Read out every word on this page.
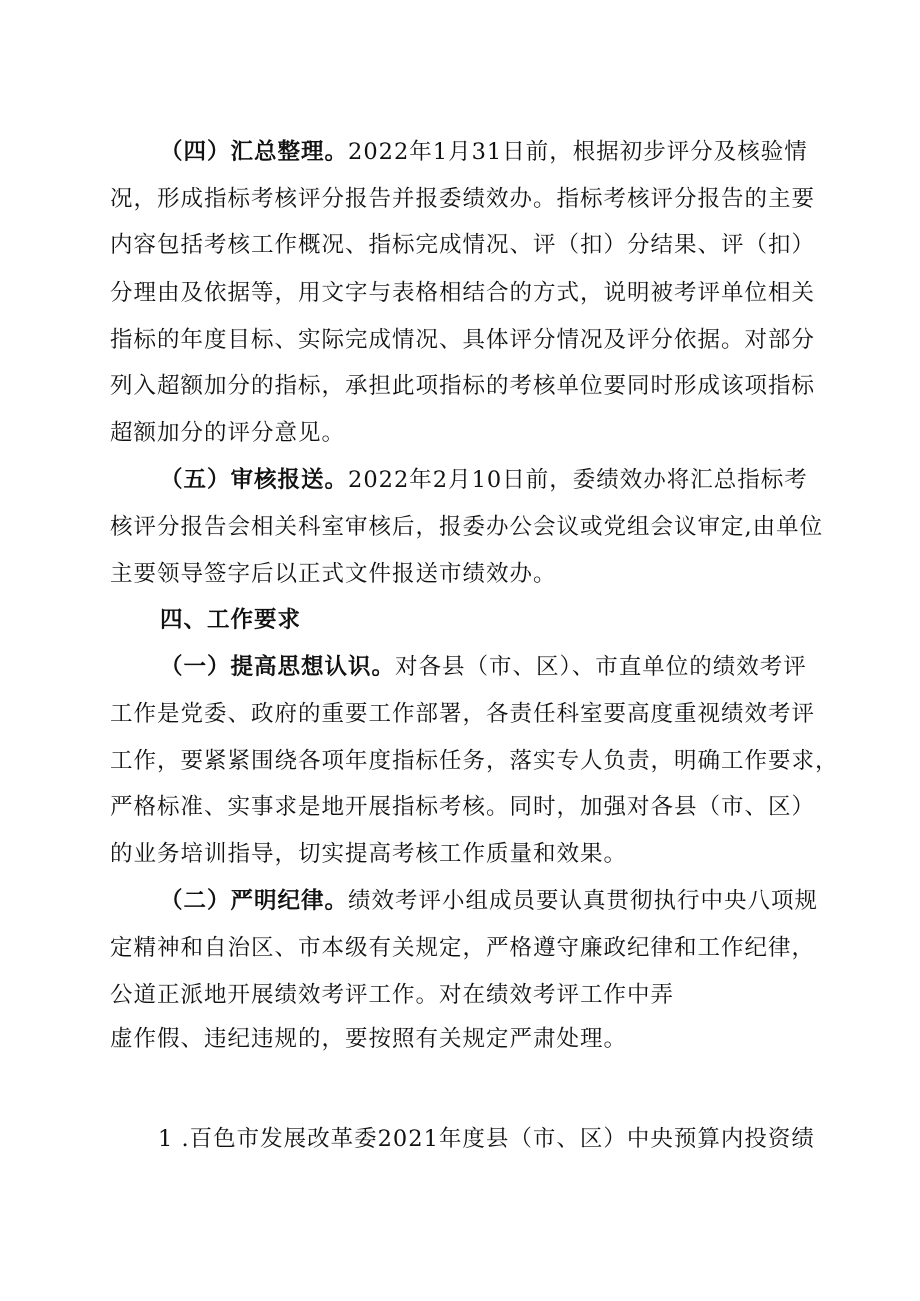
（四）汇总整理。2022年1月31日前，根据初步评分及核验情
况，形成指标考核评分报告并报委绩效办。指标考核评分报告的主要
内容包括考核工作概况、指标完成情况、评（扣）分结果、评（扣）
分理由及依据等，用文字与表格相结合的方式，说明被考评单位相关
指标的年度目标、实际完成情况、具体评分情况及评分依据。对部分
列入超额加分的指标，承担此项指标的考核单位要同时形成该项指标
超额加分的评分意见。
（五）审核报送。2022年2月10日前，委绩效办将汇总指标考
核评分报告会相关科室审核后，报委办公会议或党组会议审定,由单位
主要领导签字后以正式文件报送市绩效办。
四、工作要求
（一）提高思想认识。对各县（市、区）、市直单位的绩效考评
工作是党委、政府的重要工作部署，各责任科室要高度重视绩效考评
工作，要紧紧围绕各项年度指标任务，落实专人负责，明确工作要求，
严格标准、实事求是地开展指标考核。同时，加强对各县（市、区）
的业务培训指导，切实提高考核工作质量和效果。
（二）严明纪律。绩效考评小组成员要认真贯彻执行中央八项规
定精神和自治区、市本级有关规定，严格遵守廉政纪律和工作纪律，
公道正派地开展绩效考评工作。对在绩效考评工作中弄
虚作假、违纪违规的，要按照有关规定严肃处理。
1 .百色市发展改革委2021年度县（市、区）中央预算内投资绩
